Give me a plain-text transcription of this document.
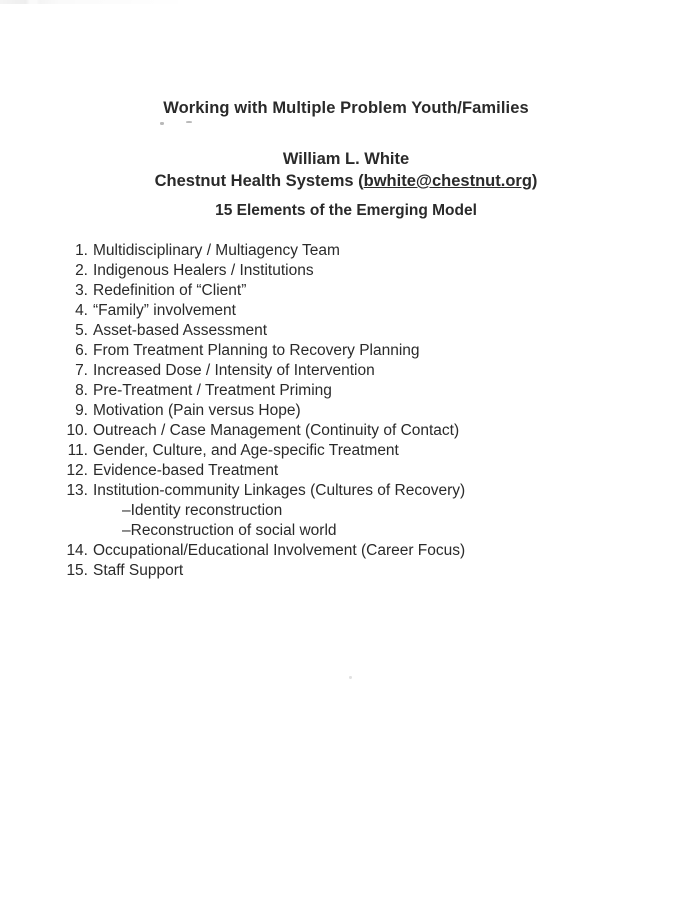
Working with Multiple Problem Youth/Families
William L. White
Chestnut Health Systems (bwhite@chestnut.org)
15 Elements of the Emerging Model
1. Multidisciplinary / Multiagency Team
2. Indigenous Healers / Institutions
3. Redefinition of “Client”
4. “Family” involvement
5. Asset-based Assessment
6. From Treatment Planning to Recovery Planning
7. Increased Dose / Intensity of Intervention
8. Pre-Treatment / Treatment Priming
9. Motivation (Pain versus Hope)
10. Outreach / Case Management (Continuity of Contact)
11. Gender, Culture, and Age-specific Treatment
12. Evidence-based Treatment
13. Institution-community Linkages (Cultures of Recovery)
–Identity reconstruction
–Reconstruction of social world
14. Occupational/Educational Involvement (Career Focus)
15. Staff Support
